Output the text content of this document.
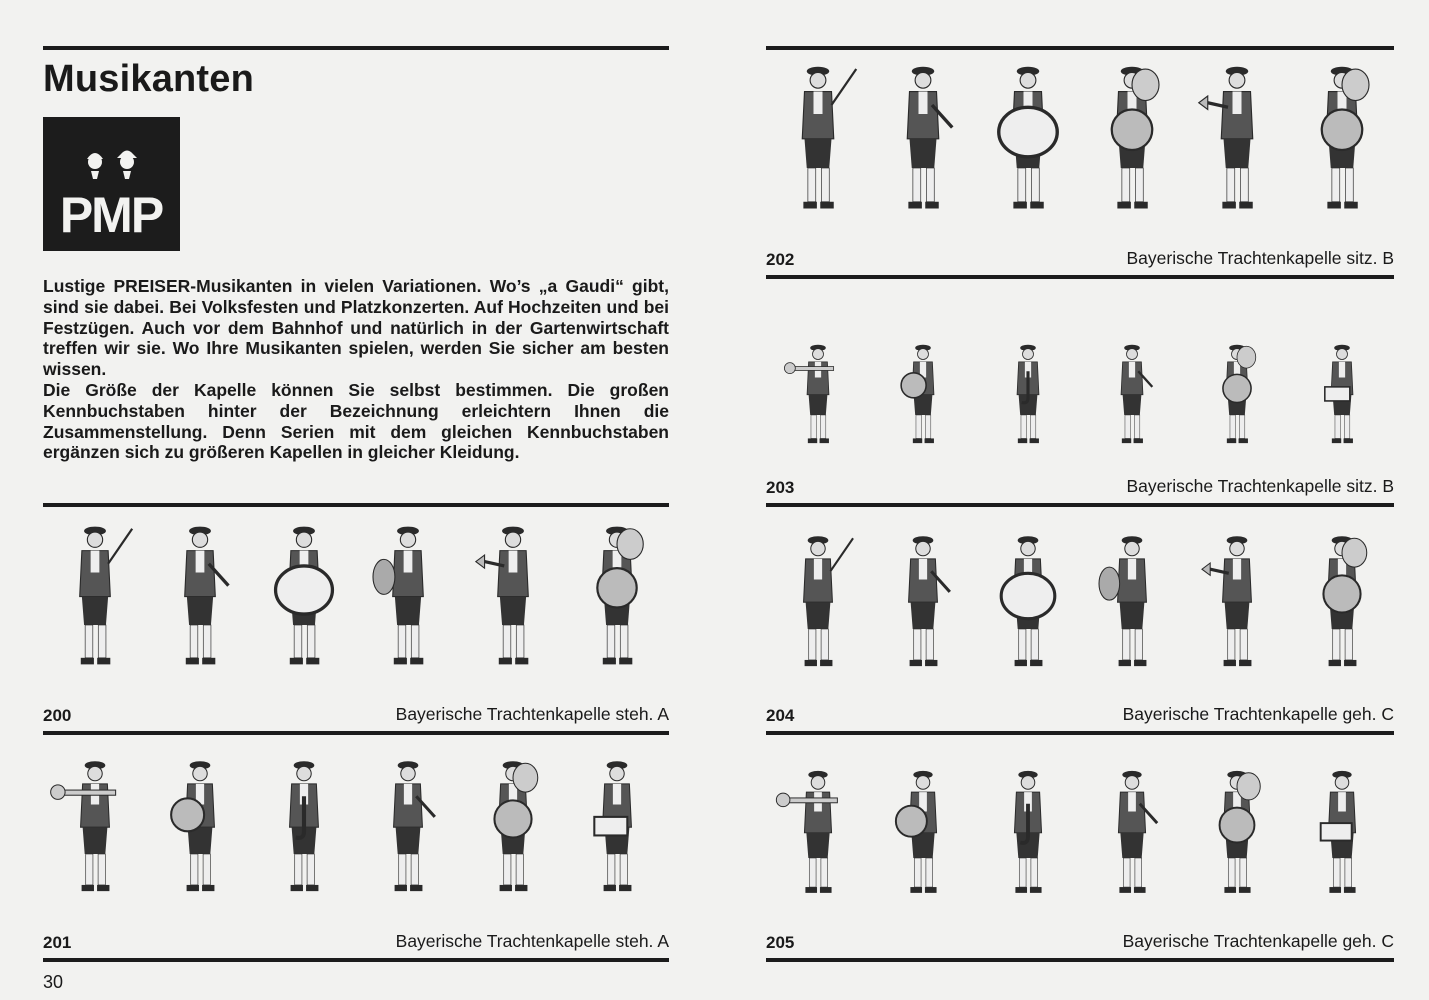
Musikanten
PMP

Lustige PREISER-Musikanten in vielen Variationen. Wo’s „a Gaudi“ gibt, sind sie dabei. Bei Volksfesten und Platzkonzerten. Auf Hochzeiten und bei Festzügen. Auch vor dem Bahnhof und natürlich in der Gartenwirtschaft treffen wir sie. Wo Ihre Musikanten spielen, werden Sie sicher am besten wissen.

Die Größe der Kapelle können Sie selbst bestimmen. Die großen Kennbuchstaben hinter der Bezeichnung erleichtern Ihnen die Zusammenstellung. Denn Serien mit dem gleichen Kennbuchstaben ergänzen sich zu größeren Kapellen in gleicher Kleidung.

202	Bayerische Trachtenkapelle sitz. B
203	Bayerische Trachtenkapelle sitz. B
200	Bayerische Trachtenkapelle steh. A	204	Bayerische Trachtenkapelle geh. C
201	Bayerische Trachtenkapelle steh. A	205	Bayerische Trachtenkapelle geh. C
30
